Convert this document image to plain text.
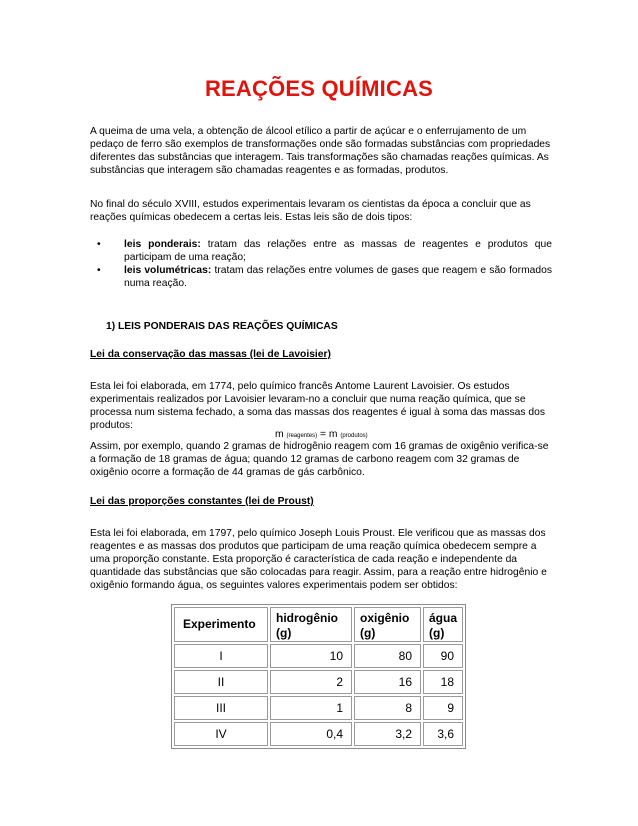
REAÇÕES QUÍMICAS

A queima de uma vela, a obtenção de álcool etílico a partir de açúcar e o enferrujamento de um pedaço de ferro são exemplos de transformações onde são formadas substâncias com propriedades diferentes das substâncias que interagem. Tais transformações são chamadas reações químicas. As substâncias que interagem são chamadas reagentes e as formadas, produtos.

No final do século XVIII, estudos experimentais levaram os cientistas da época a concluir que as reações químicas obedecem a certas leis. Estas leis são de dois tipos:

• leis ponderais: tratam das relações entre as massas de reagentes e produtos que participam de uma reação;
• leis volumétricas: tratam das relações entre volumes de gases que reagem e são formados numa reação.
1) LEIS PONDERAIS DAS REAÇÕES QUÍMICAS
Lei da conservação das massas (lei de Lavoisier)

Esta lei foi elaborada, em 1774, pelo químico francês Antome Laurent Lavoisier. Os estudos experimentais realizados por Lavoisier levaram-no a concluir que numa reação química, que se processa num sistema fechado, a soma das massas dos reagentes é igual à soma das massas dos produtos:

m (reagentes) = m (produtos)

Assim, por exemplo, quando 2 gramas de hidrogênio reagem com 16 gramas de oxigênio verifica-se a formação de 18 gramas de água; quando 12 gramas de carbono reagem com 32 gramas de oxigênio ocorre a formação de 44 gramas de gás carbônico.

Lei das proporções constantes (lei de Proust)

Esta lei foi elaborada, em 1797, pelo químico Joseph Louis Proust. Ele verificou que as massas dos reagentes e as massas dos produtos que participam de uma reação química obedecem sempre a uma proporção constante. Esta proporção é característica de cada reação e independente da quantidade das substâncias que são colocadas para reagir. Assim, para a reação entre hidrogênio e oxigênio formando água, os seguintes valores experimentais podem ser obtidos:

Experimento	hidrogênio (g)	oxigênio (g)	água (g)
I	10	80	90
II	2	16	18
III	1	8	9
IV	0,4	3,2	3,6
